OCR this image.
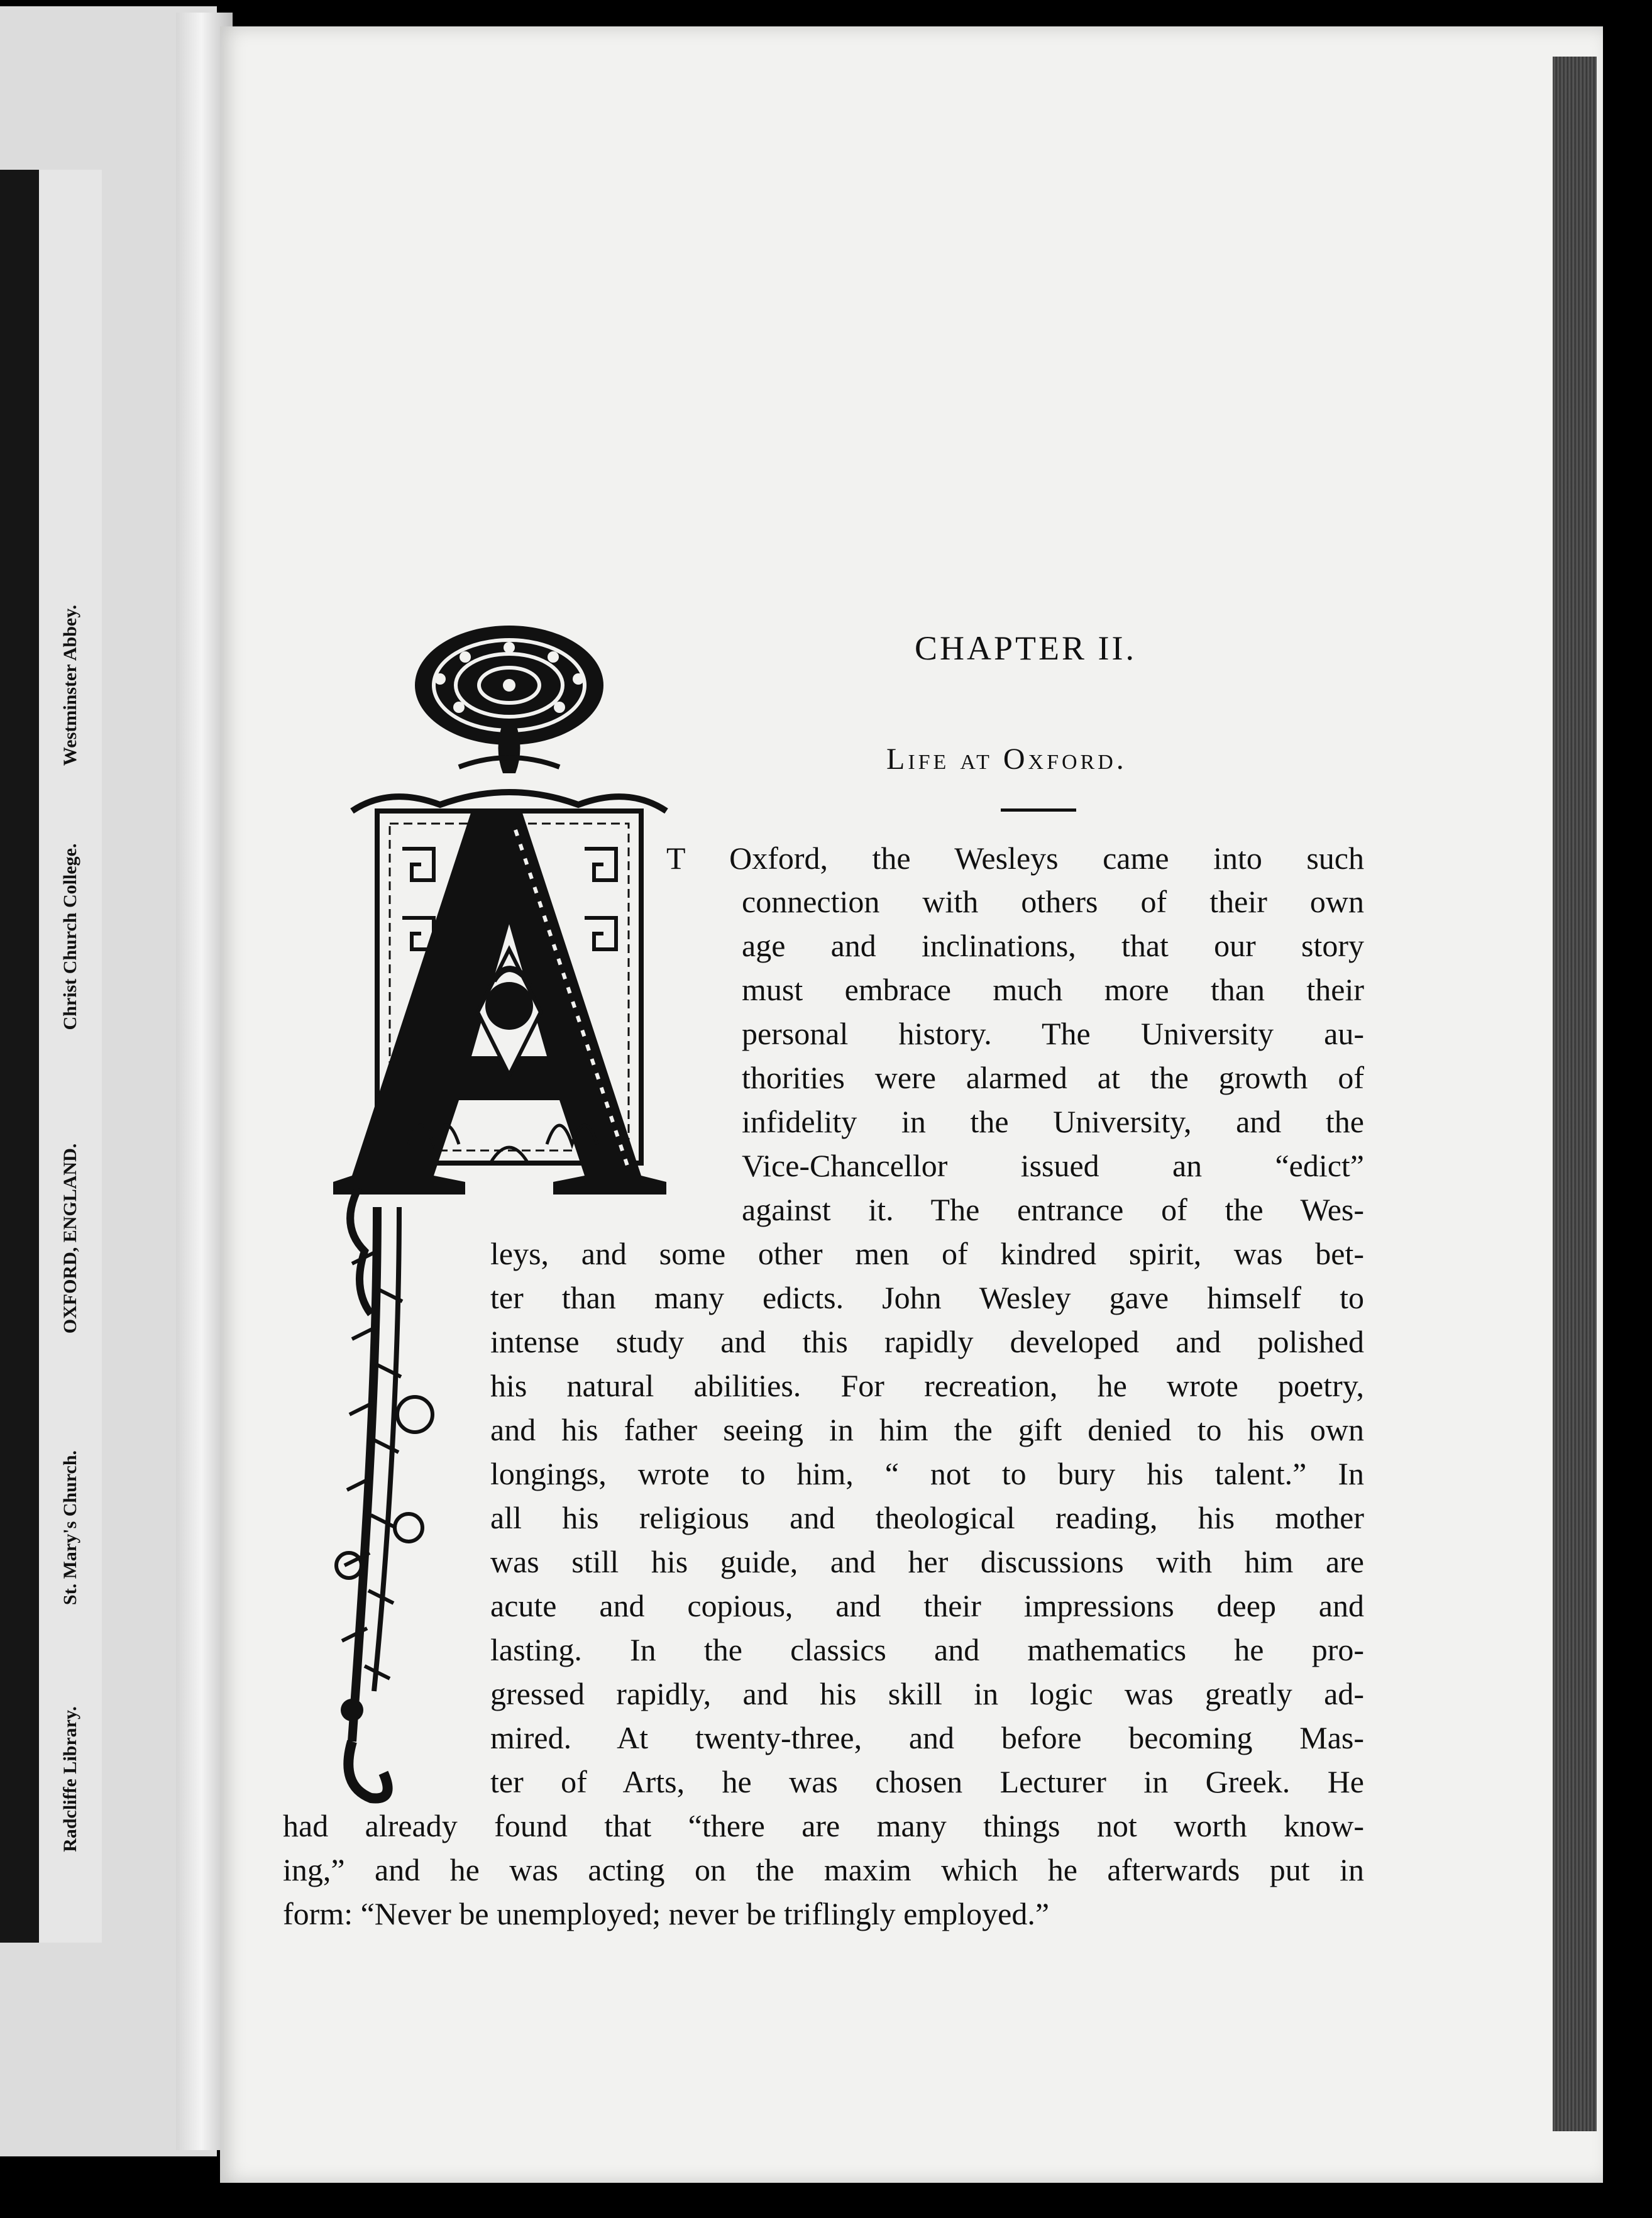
Radcliffe Library.
St. Mary's Church.
OXFORD, ENGLAND.
Christ Church College.
Westminster Abbey.	CHAPTER II.
Life at Oxford.
T Oxford, the Wesleys came into such
connection with others of their own
age and inclinations, that our story
must embrace much more than their
personal history. The University au-
thorities were alarmed at the growth of
infidelity in the University, and the
Vice-Chancellor issued an “edict”
against it. The entrance of the Wes-
leys, and some other men of kindred spirit, was bet-
ter than many edicts. John Wesley gave himself to
intense study and this rapidly developed and polished
his natural abilities. For recreation, he wrote poetry,
and his father seeing in him the gift denied to his own
longings, wrote to him, “ not to bury his talent.” In
all his religious and theological reading, his mother
was still his guide, and her discussions with him are
acute and copious, and their impressions deep and
lasting. In the classics and mathematics he pro-
gressed rapidly, and his skill in logic was greatly ad-
mired. At twenty-three, and before becoming Mas-
ter of Arts, he was chosen Lecturer in Greek. He
had already found that “there are many things not worth know-
ing,” and he was acting on the maxim which he afterwards put in
form: “Never be unemployed; never be triflingly employed.”
